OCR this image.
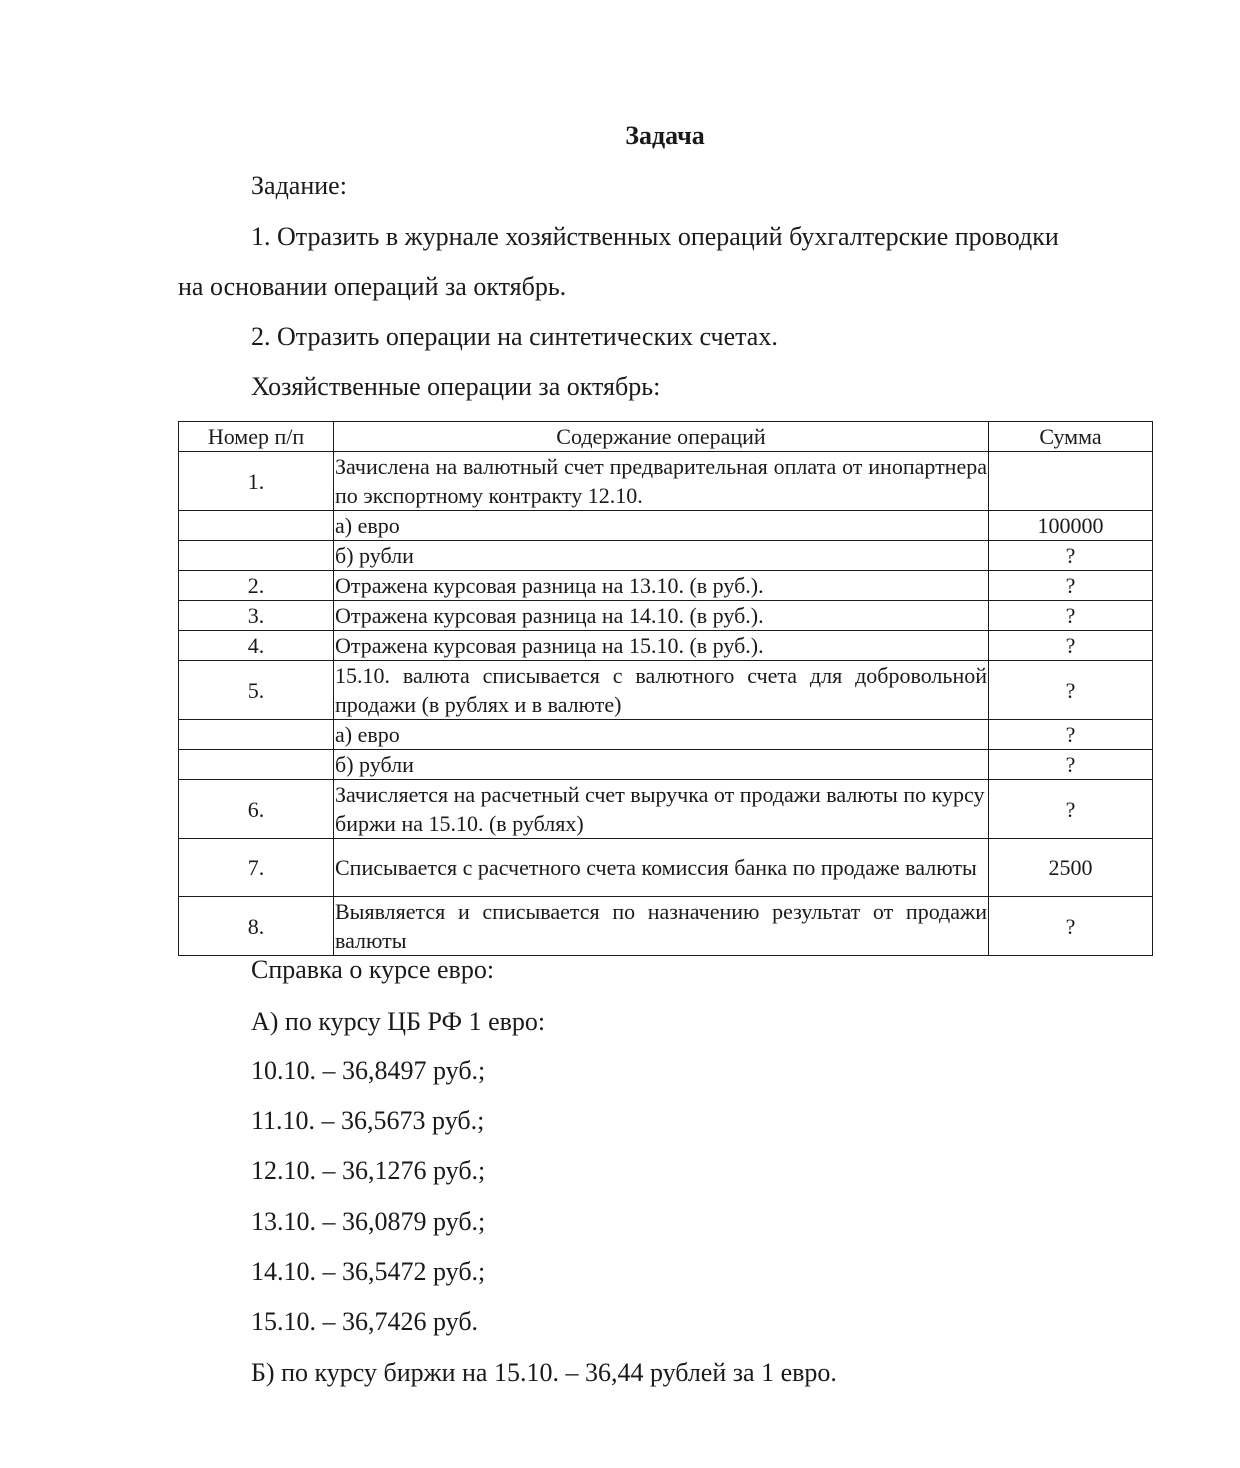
Задача
Задание:
1. Отразить в журнале хозяйственных операций бухгалтерские проводки
на основании операций за октябрь.
2. Отразить операции на синтетических счетах.
Хозяйственные операции за октябрь:
Номер п/п	Содержание операций	Сумма
1.	Зачислена на валютный счет предварительная оплата от инопартнера по экспортному контракту 12.10.	
	а) евро	100000
	б) рубли	?
2.	Отражена курсовая разница на 13.10. (в руб.).	?
3.	Отражена курсовая разница на 14.10. (в руб.).	?
4.	Отражена курсовая разница на 15.10. (в руб.).	?
5.	15.10. валюта списывается с валютного счета для добровольной продажи (в рублях и в валюте)	?
	а) евро	?
	б) рубли	?
6.	Зачисляется на расчетный счет выручка от продажи валюты по курсу биржи на 15.10. (в рублях)	?
7.	Списывается с расчетного счета комиссия банка по продаже валюты	2500
8.	Выявляется и списывается по назначению результат от продажи валюты	?
Справка о курсе евро:
А) по курсу ЦБ РФ 1 евро:
10.10. – 36,8497 руб.;
11.10. – 36,5673 руб.;
12.10. – 36,1276 руб.;
13.10. – 36,0879 руб.;
14.10. – 36,5472 руб.;
15.10. – 36,7426 руб.
Б) по курсу биржи на 15.10. – 36,44 рублей за 1 евро.
